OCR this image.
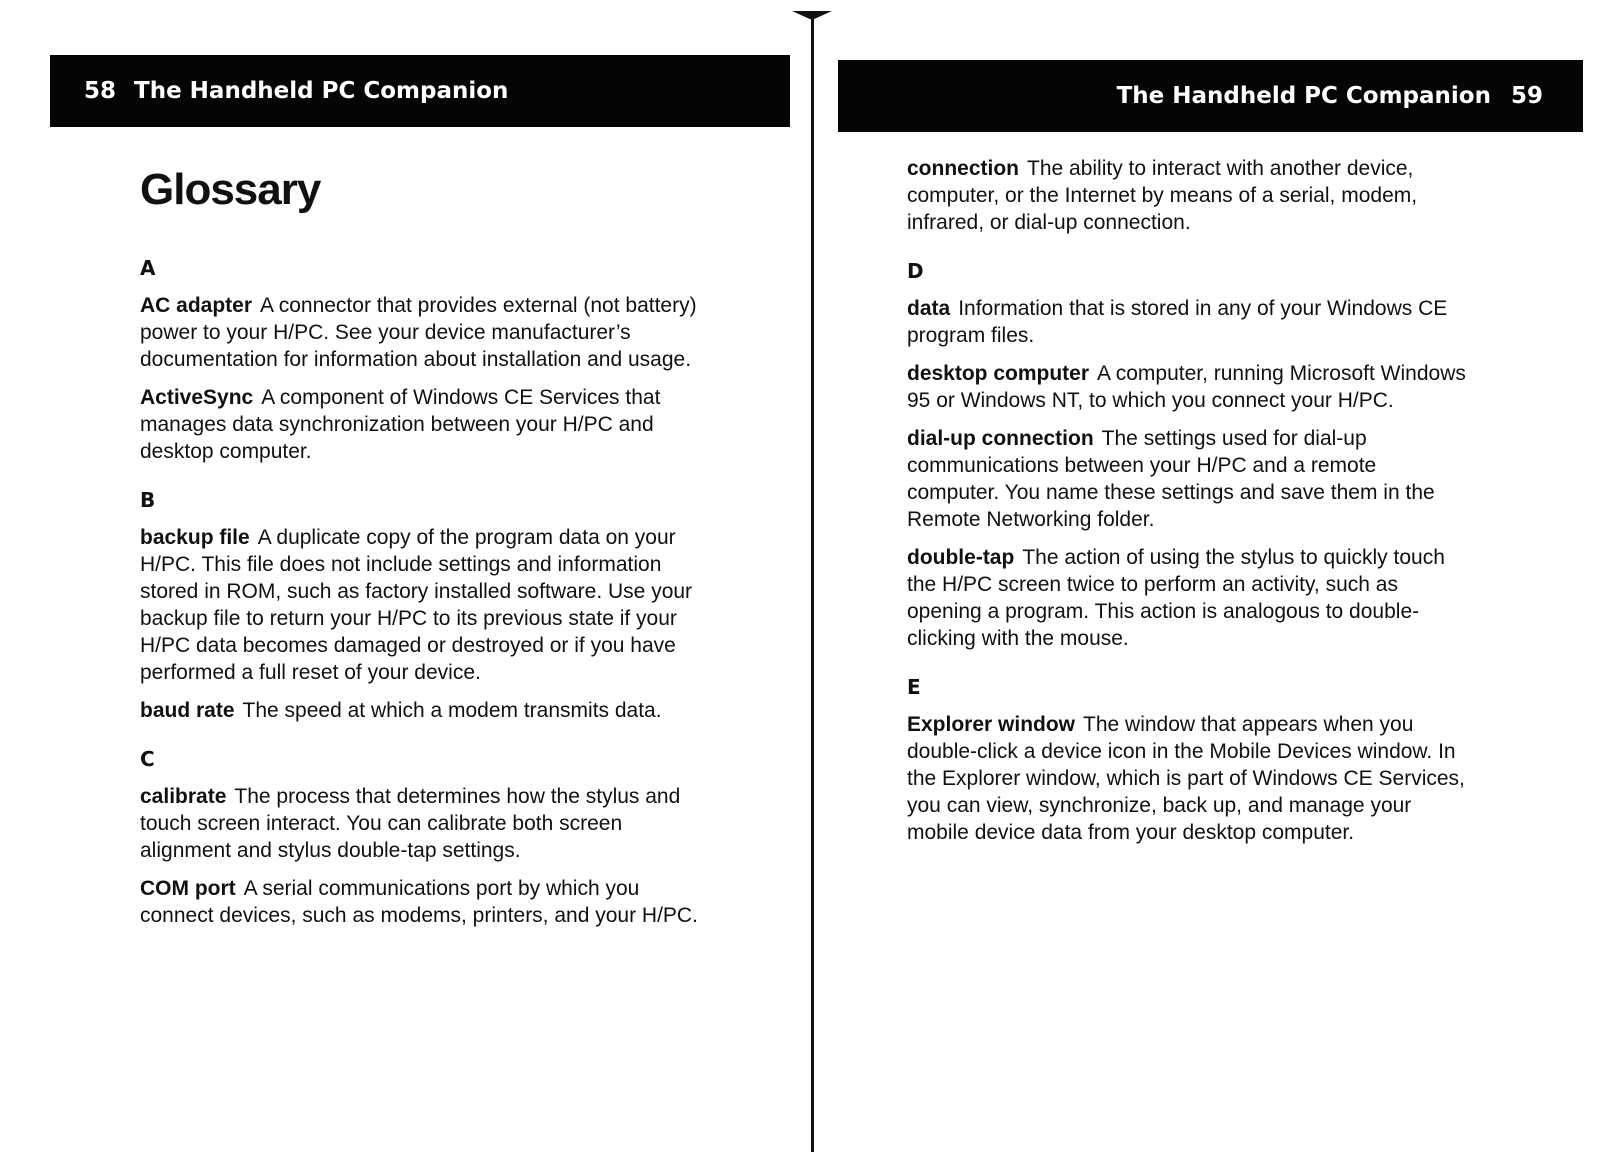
58 The Handheld PC Companion
Glossary
A

AC adapter A connector that provides external (not battery) power to your H/PC. See your device manufacturer’s documentation for information about installation and usage.

ActiveSync A component of Windows CE Services that manages data synchronization between your H/PC and desktop computer.

B

backup file A duplicate copy of the program data on your H/PC. This file does not include settings and information stored in ROM, such as factory installed software. Use your backup file to return your H/PC to its previous state if your H/PC data becomes damaged or destroyed or if you have performed a full reset of your device.

baud rate The speed at which a modem transmits data.

C

calibrate The process that determines how the stylus and touch screen interact. You can calibrate both screen alignment and stylus double-tap settings.

COM port A serial communications port by which you connect devices, such as modems, printers, and your H/PC.

The Handheld PC Companion 59

connection The ability to interact with another device, computer, or the Internet by means of a serial, modem, infrared, or dial-up connection.

D

data Information that is stored in any of your Windows CE program files.

desktop computer A computer, running Microsoft Windows 95 or Windows NT, to which you connect your H/PC.

dial-up connection The settings used for dial-up communications between your H/PC and a remote computer. You name these settings and save them in the Remote Networking folder.

double-tap The action of using the stylus to quickly touch the H/PC screen twice to perform an activity, such as opening a program. This action is analogous to double-clicking with the mouse.

E

Explorer window The window that appears when you double-click a device icon in the Mobile Devices window. In the Explorer window, which is part of Windows CE Services, you can view, synchronize, back up, and manage your mobile device data from your desktop computer.
